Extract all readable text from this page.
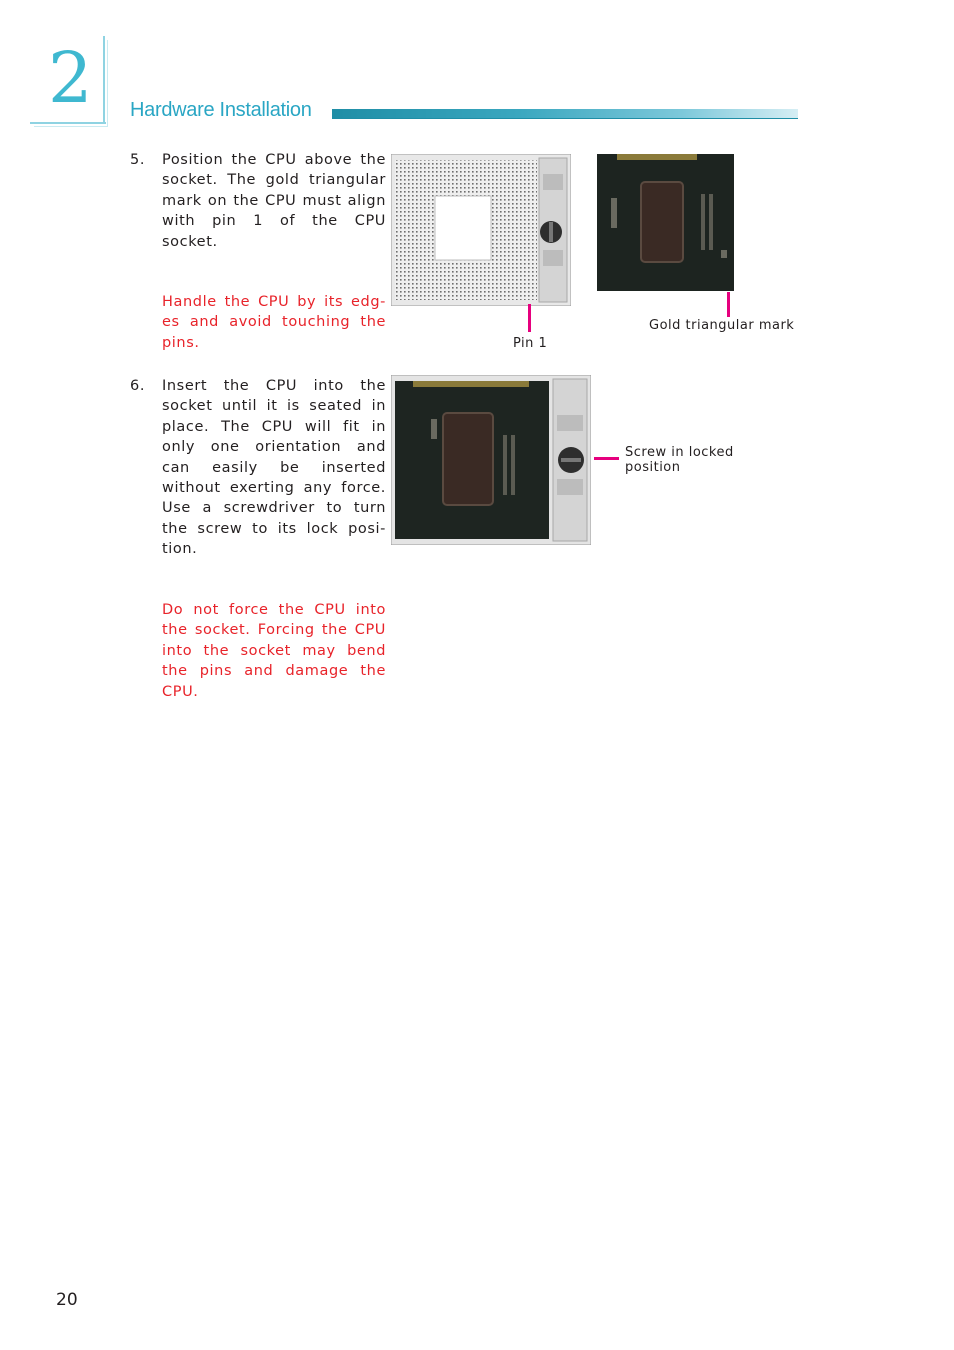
2 Hardware Installation
5.	Position the CPU above the socket. The gold triangular mark on the CPU must align with pin 1 of the CPU socket.
Handle the CPU by its edg-es and avoid touching the pins.
6.	Insert the CPU into the socket until it is seated in place. The CPU will fit in only one orientation and can easily be inserted without exerting any force. Use a screwdriver to turn the screw to its lock posi-tion.
Do not force the CPU into the socket. Forcing the CPU into the socket may bend the pins and damage the CPU.
Pin 1
Gold triangular mark
Screw in locked position
20
